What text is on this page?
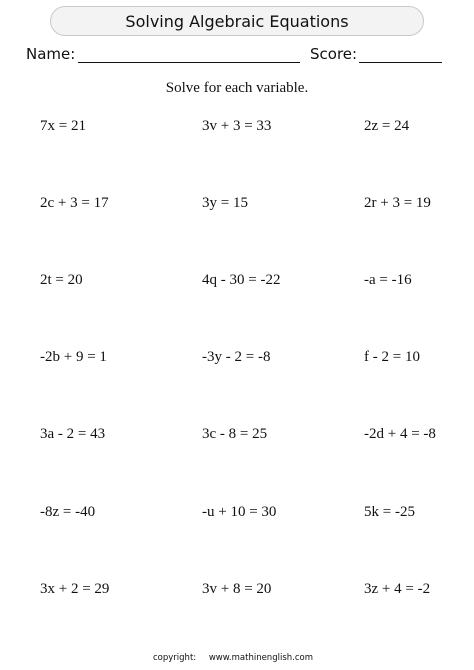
Solving Algebraic Equations
Name:	Score:
Solve for each variable.
7x = 21	3v + 3 = 33	2z = 24
2c + 3 = 17	3y = 15	2r + 3 = 19
2t = 20	4q - 30 = -22	-a = -16
-2b + 9 = 1	-3y - 2 = -8	f - 2 = 10
3a - 2 = 43	3c - 8 = 25	-2d + 4 = -8
-8z = -40	-u + 10 = 30	5k = -25
3x + 2 = 29	3v + 8 = 20	3z + 4 = -2
copyright: www.mathinenglish.com
